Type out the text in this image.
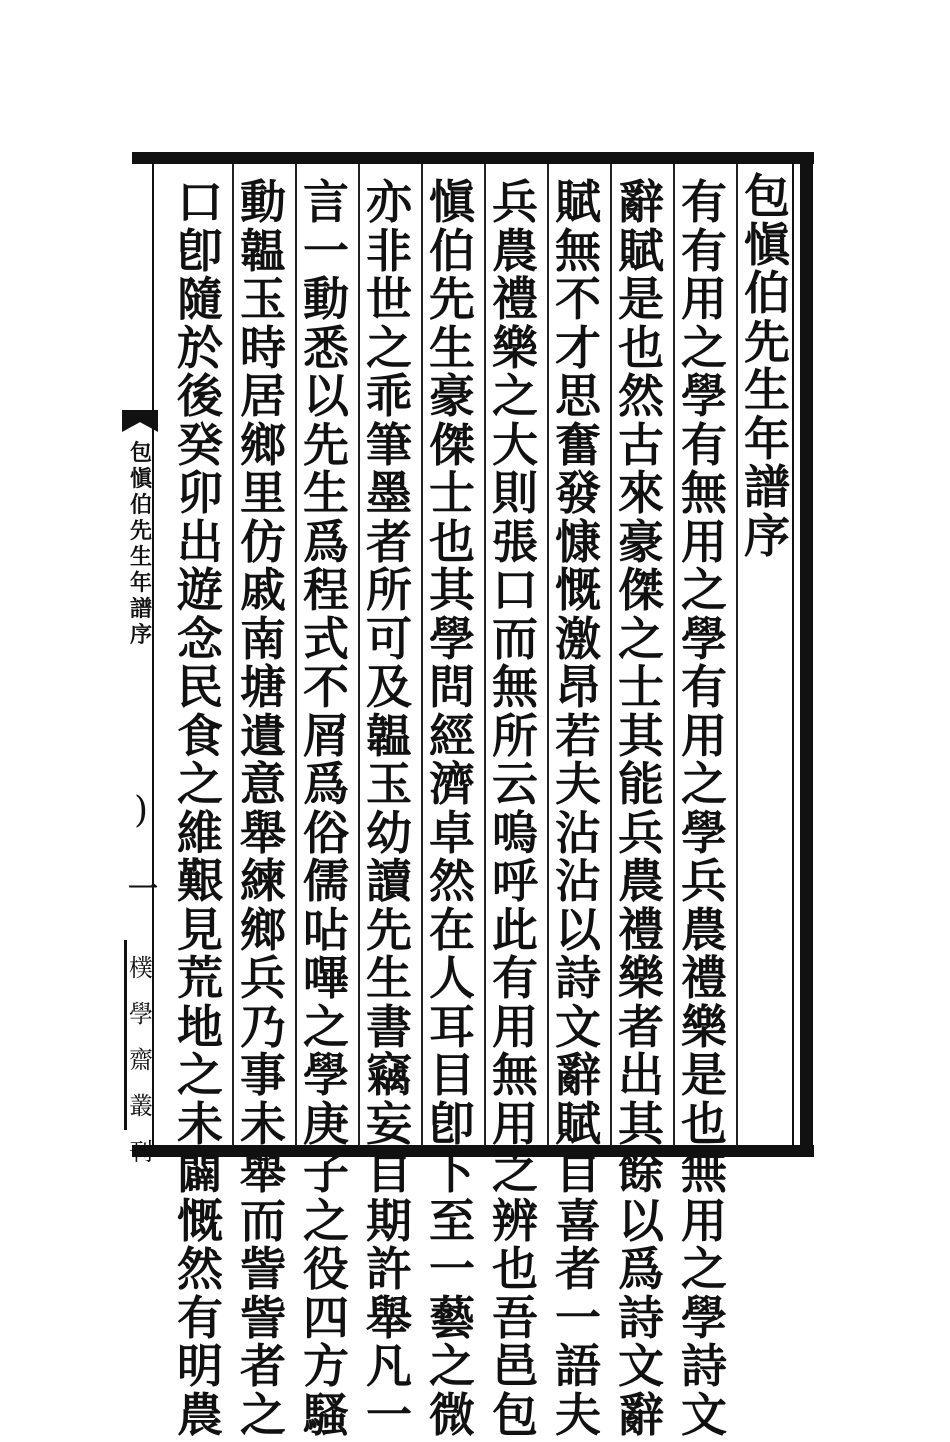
包愼伯先生年譜序
有有用之學有無用之學有用之學兵農禮樂是也無用之學詩文
辭賦是也然古來豪傑之士其能兵農禮樂者出其餘以爲詩文辭
賦無不才思奮發慷慨激昂若夫沾沾以詩文辭賦自喜者一語夫
兵農禮樂之大則張口而無所云嗚呼此有用無用之辨也吾邑包
愼伯先生豪傑士也其學問經濟卓然在人耳目卽下至一藝之微
亦非世之乖筆墨者所可及韞玉幼讀先生書竊妄自期許舉凡一
言一動悉以先生爲程式不屑爲俗儒呫嗶之學庚子之役四方騷
動韞玉時居鄉里仿戚南塘遺意舉練鄉兵乃事未舉而訾訾者之
口卽隨於後癸卯出遊念民食之維艱見荒地之未闢慨然有明農
包愼伯先生年譜序
)
一
樸學齋叢刊
